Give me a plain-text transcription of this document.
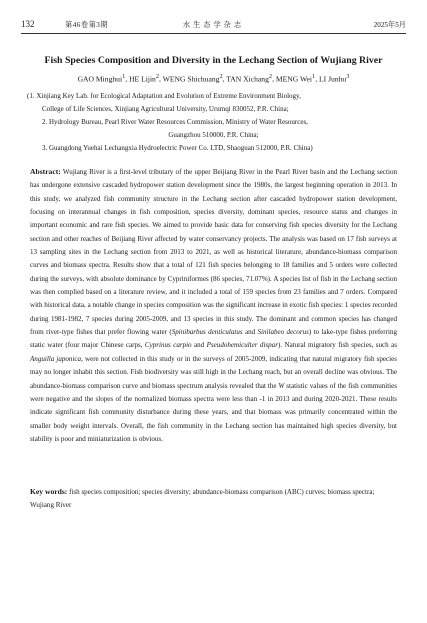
132	第46卷第3期	水生态学杂志	2025年5月
Fish Species Composition and Diversity in the Lechang Section of Wujiang River
GAO Minghui$^1$, HE Lijin$^2$, WENG Shichuang$^2$, TAN Xichang$^2$, MENG Wei$^1$, LI Junhu$^3$
(1. Xinjiang Key Lab. for Ecological Adaptation and Evolution of Extreme Environment Biology,
College of Life Sciences, Xinjiang Agricultural University, Urumqi 830052, P.R. China;
2. Hydrology Bureau, Pearl River Water Resources Commission, Ministry of Water Resources,
Guangzhou 510000, P.R. China;
3. Guangdong Yuehai Lechangxia Hydroelectric Power Co. LTD, Shaoguan 512000, P.R. China)
Abstract: Wujiang River is a first-level tributary of the upper Beijiang River in the Pearl River basin and the Lechang section has undergone extensive cascaded hydropower station development since the 1980s, the largest beginning operation in 2013. In this study, we analyzed fish community structure in the Lechang section after cascaded hydropower station development, focusing on interannual changes in fish composition, species diversity, dominant species, resource status and changes in important economic and rare fish species. We aimed to provide basic data for conserving fish species diversity for the Lechang section and other reaches of Beijiang River affected by water conservancy projects. The analysis was based on 17 fish surveys at 13 sampling sites in the Lechang section from 2013 to 2021, as well as historical literature, abundance-biomass comparison curves and biomass spectra. Results show that a total of 121 fish species belonging to 18 families and 5 orders were collected during the surveys, with absolute dominance by Cypriniformes (86 species, 71.07%). A species list of fish in the Lechang section was then complied based on a literature review, and it included a total of 159 species from 23 families and 7 orders. Compared with historical data, a notable change in species composition was the significant increase in exotic fish species: 1 species recorded during 1981-1982, 7 species during 2005-2009, and 13 species in this study. The dominant and common species has changed from river-type fishes that prefer flowing water (Spinibarbus denticulatus and Sinilabeo decorus) to lake-type fishes preferring static water (four major Chinese carps, Cyprinus carpio and Pseudohemiculter dispar). Natural migratory fish species, such as Anguilla japonica, were not collected in this study or in the surveys of 2005-2009, indicating that natural migratory fish species may no longer inhabit this section. Fish biodiversity was still high in the Lechang reach, but an overall decline was obvious. The abundance-biomass comparison curve and biomass spectrum analysis revealed that the W statistic values of the fish communities were negative and the slopes of the normalized biomass spectra were less than -1 in 2013 and during 2020-2021. These results indicate significant fish community disturbance during these years, and that biomass was primarily concentrated within the smaller body weight intervals. Overall, the fish community in the Lechang section has maintained high species diversity, but stability is poor and miniaturization is obvious.
Key words: fish species composition; species diversity; abundance-biomass comparison (ABC) curves; biomass spectra; Wujiang River
